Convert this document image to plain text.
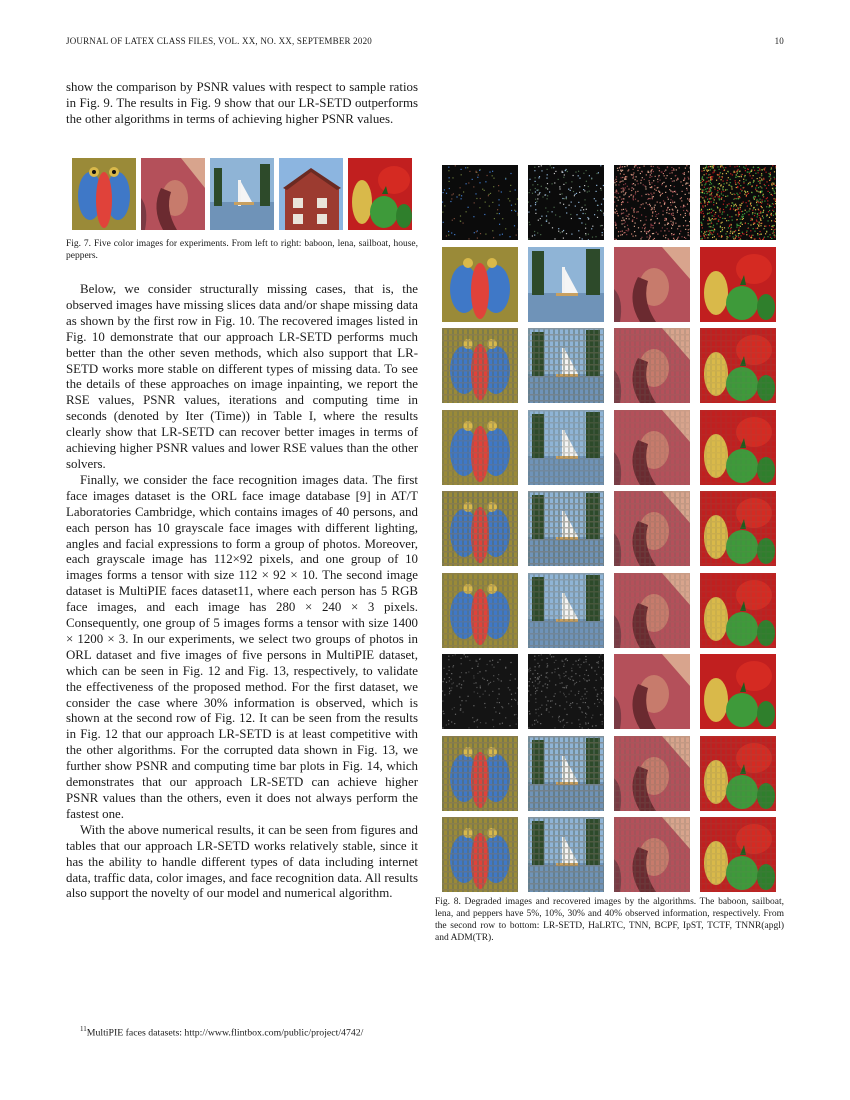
JOURNAL OF LATEX CLASS FILES, VOL. XX, NO. XX, SEPTEMBER 2020	10

show the comparison by PSNR values with respect to sample ratios in Fig. 9. The results in Fig. 9 show that our LR-SETD outperforms the other algorithms in terms of achieving higher PSNR values.

Fig. 7. Five color images for experiments. From left to right: baboon, lena, sailboat, house, peppers.

Below, we consider structurally missing cases, that is, the observed images have missing slices data and/or shape missing data as shown by the first row in Fig. 10. The recovered images listed in Fig. 10 demonstrate that our approach LR-SETD performs much better than the other seven methods, which also support that LR-SETD works more stable on different types of missing data. To see the details of these approaches on image inpainting, we report the RSE values, PSNR values, iterations and computing time in seconds (denoted by Iter (Time)) in Table I, where the results clearly show that LR-SETD can recover better images in terms of achieving higher PSNR values and lower RSE values than the other solvers.

Finally, we consider the face recognition images data. The first face images dataset is the ORL face image database [9] in AT/T Laboratories Cambridge, which contains images of 40 persons, and each person has 10 grayscale face images with different lighting, angles and facial expressions to form a group of photos. Moreover, each grayscale image has 112×92 pixels, and one group of 10 images forms a tensor with size 112 × 92 × 10. The second image dataset is MultiPIE faces dataset11, where each person has 5 RGB face images, and each image has 280 × 240 × 3 pixels. Consequently, one group of 5 images forms a tensor with size 1400 × 1200 × 3. In our experiments, we select two groups of photos in ORL dataset and five images of five persons in MultiPIE dataset, which can be seen in Fig. 12 and Fig. 13, respectively, to validate the effectiveness of the proposed method. For the first dataset, we consider the case where 30% information is observed, which is shown at the second row of Fig. 12. It can be seen from the results in Fig. 12 that our approach LR-SETD is at least competitive with the other algorithms. For the corrupted data shown in Fig. 13, we further show PSNR and computing time bar plots in Fig. 14, which demonstrates that our approach LR-SETD can achieve higher PSNR values than the others, even it does not always perform the fastest one.

With the above numerical results, it can be seen from figures and tables that our approach LR-SETD works relatively stable, since it has the ability to handle different types of data including internet data, traffic data, color images, and face recognition data. All results also support the novelty of our model and numerical algorithm.

$^{11}$MultiPIE faces datasets: http://www.flintbox.com/public/project/4742/
Fig. 8. Degraded images and recovered images by the algorithms. The baboon, sailboat, lena, and peppers have 5%, 10%, 30% and 40% observed information, respectively. From the second row to bottom: LR-SETD, HaLRTC, TNN, BCPF, IpST, TCTF, TNNR(apgl) and ADM(TR).
